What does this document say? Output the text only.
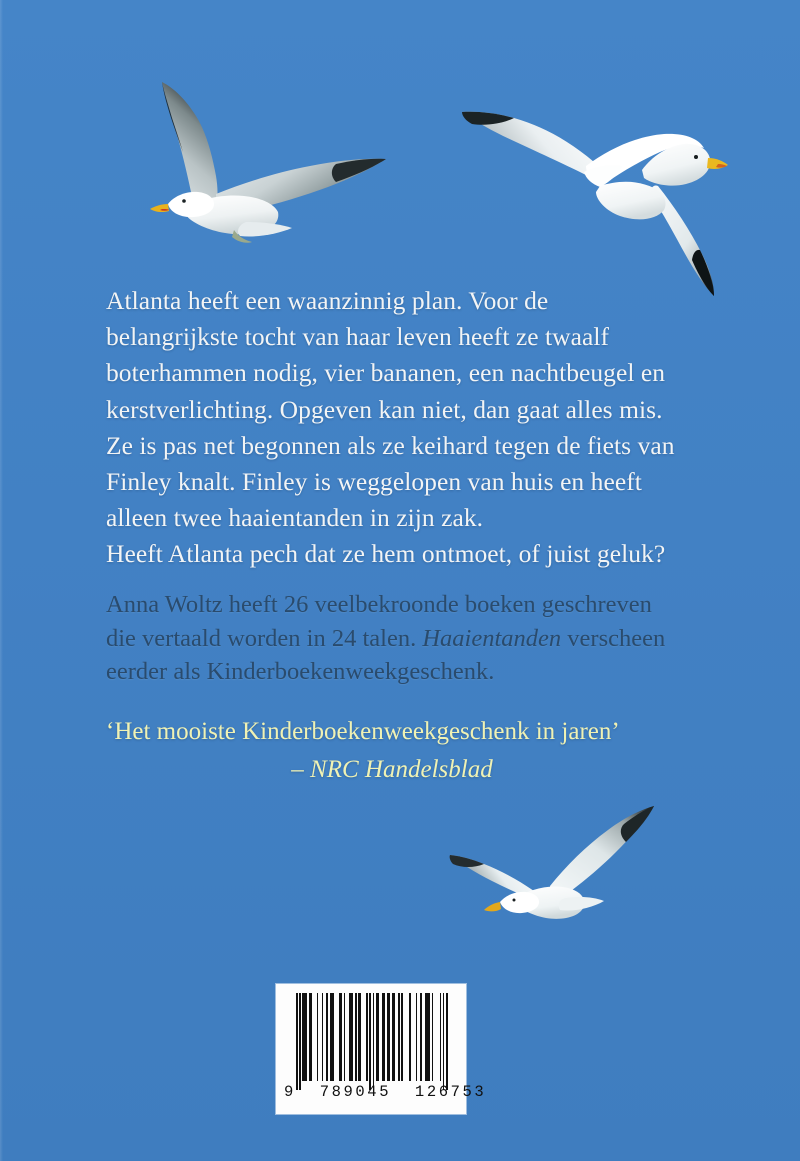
Atlanta heeft een waanzinnig plan. Voor de belangrijkste tocht van haar leven heeft ze twaalf boterhammen nodig, vier bananen, een nachtbeugel en kerstverlichting. Opgeven kan niet, dan gaat alles mis.

Ze is pas net begonnen als ze keihard tegen de fiets van Finley knalt. Finley is weggelopen van huis en heeft alleen twee haaientanden in zijn zak.

Heeft Atlanta pech dat ze hem ontmoet, of juist geluk?

Anna Woltz heeft 26 veelbekroonde boeken geschreven

die vertaald worden in 24 talen. Haaientanden verscheen

eerder als Kinderboekenweekgeschenk.

‘Het mooiste Kinderboekenweekgeschenk in jaren’
– NRC Handelsblad
9  789045  126753
